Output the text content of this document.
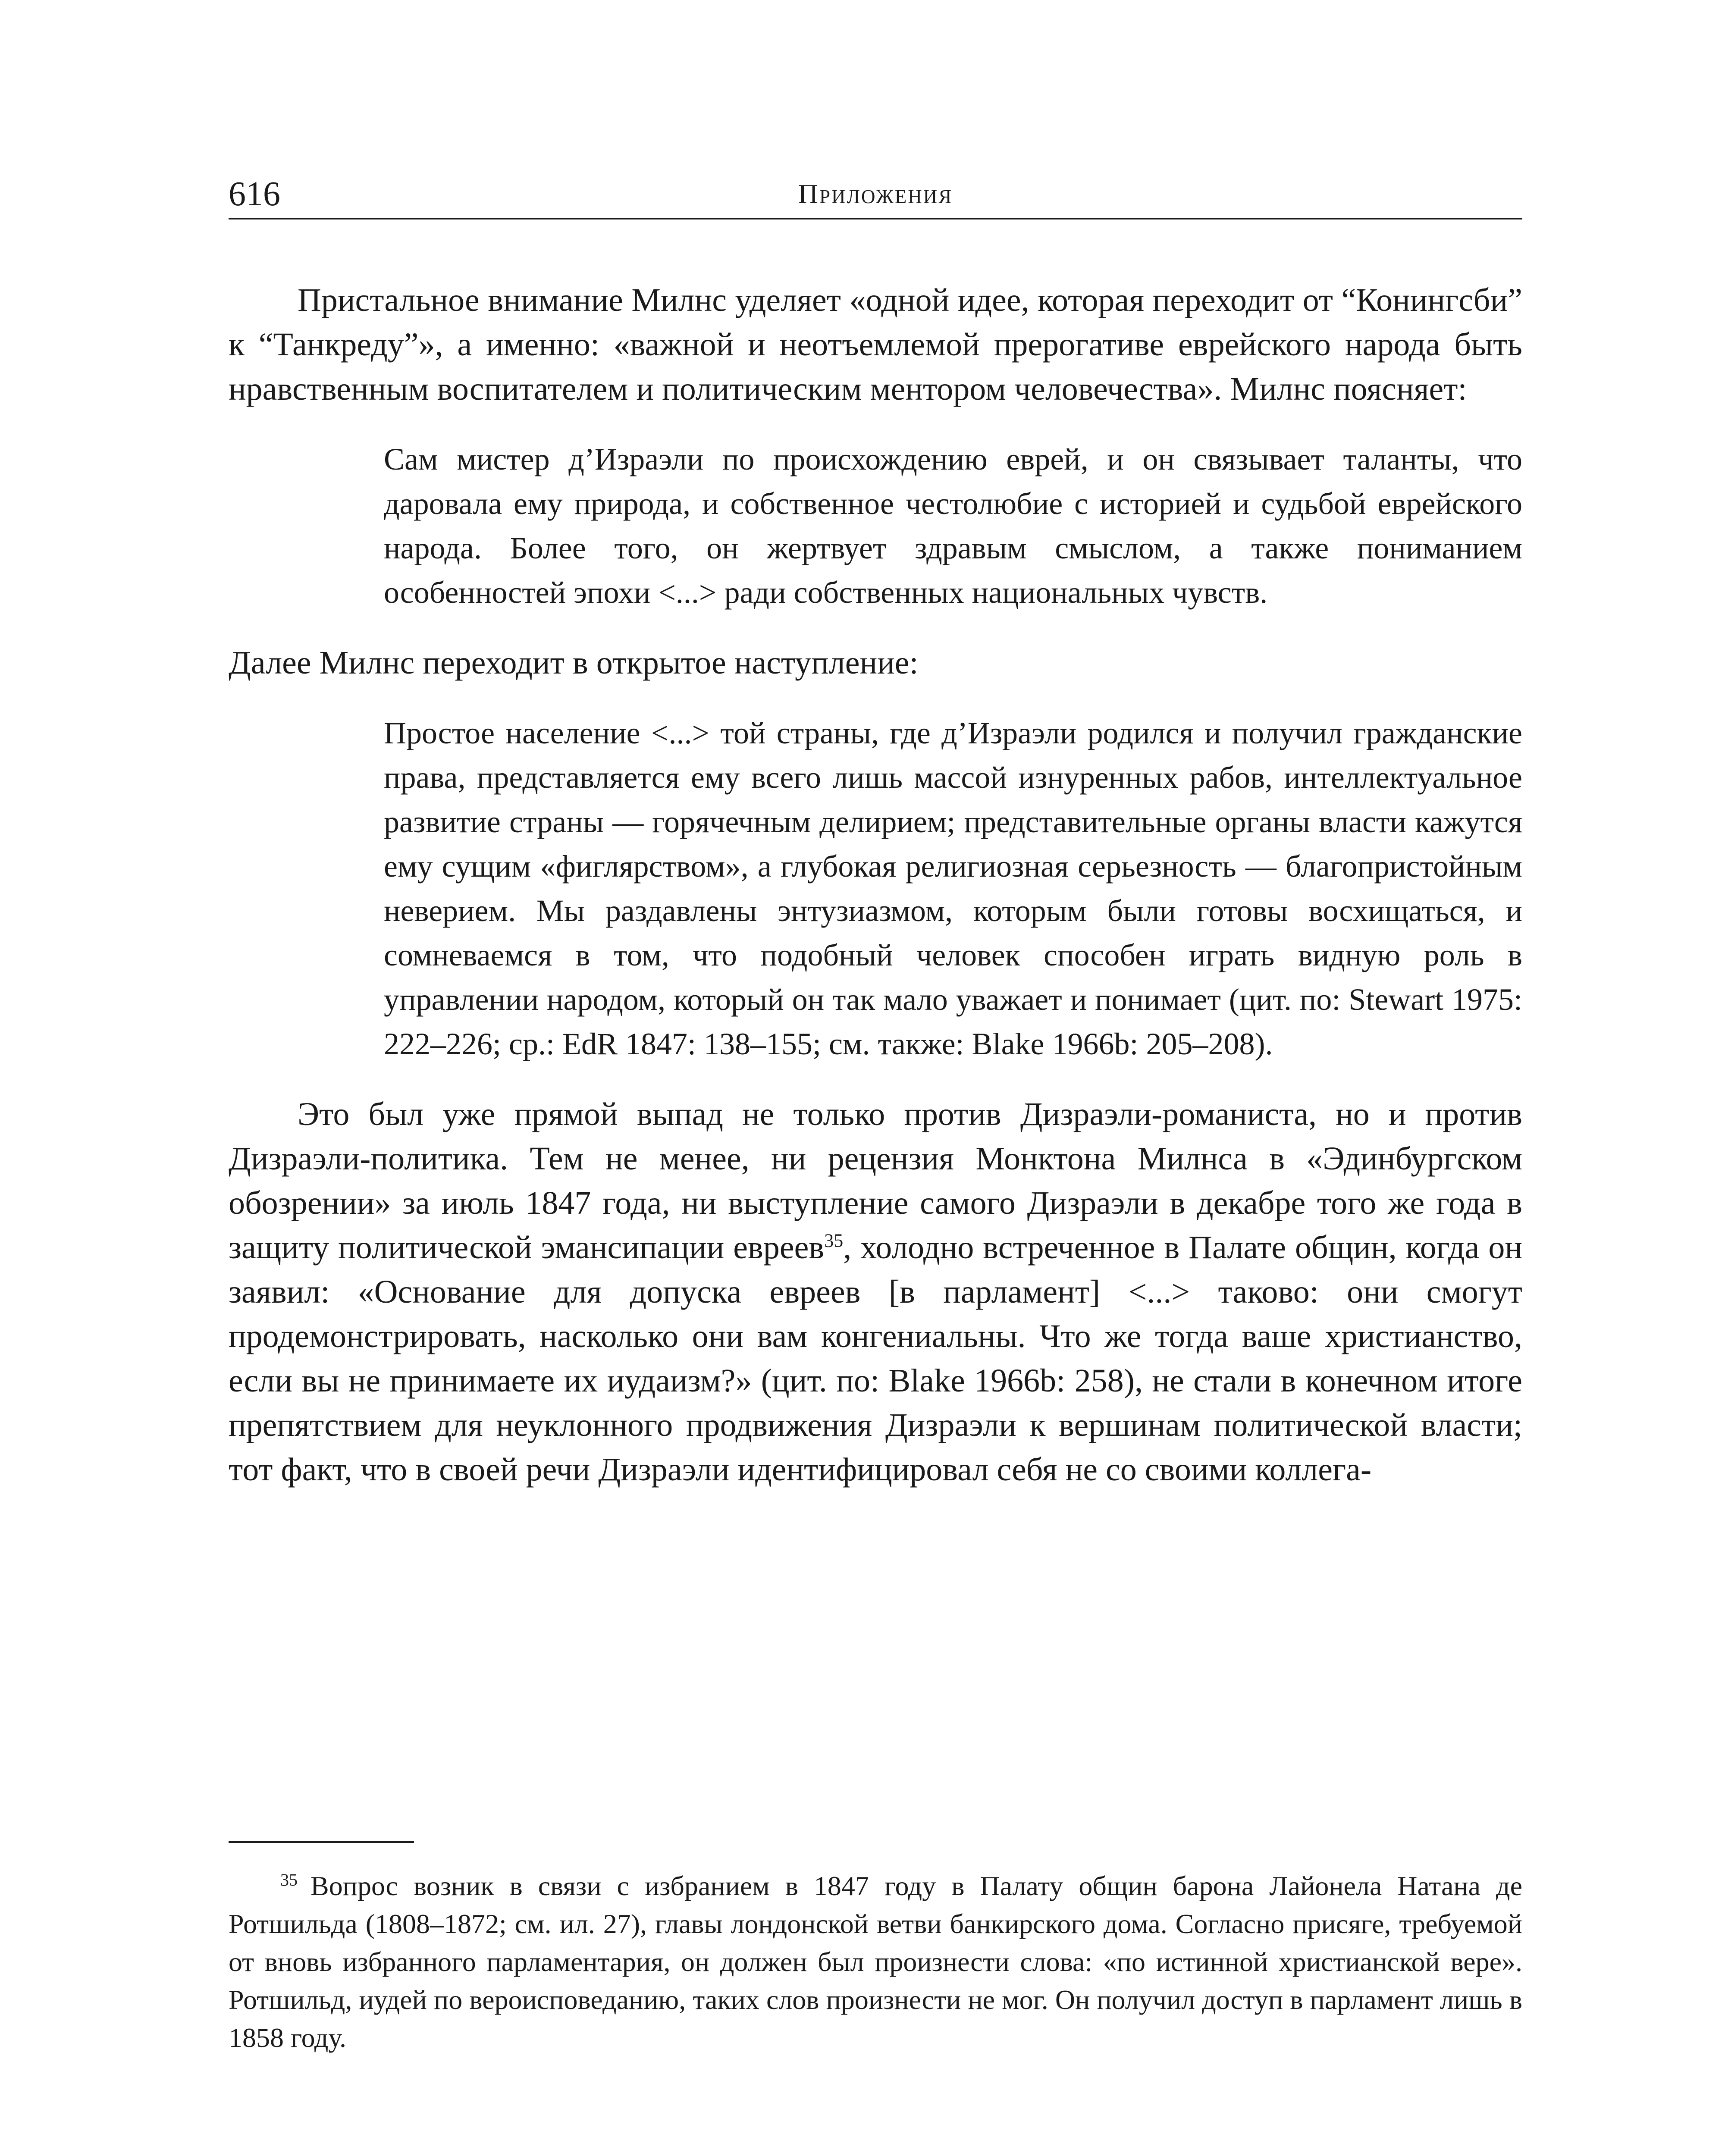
616	Приложения

Пристальное внимание Милнс уделяет «одной идее, которая переходит от “Конингсби” к “Танкреду”», а именно: «важной и неотъемлемой прерогативе еврейского народа быть нравственным воспитателем и политическим ментором человечества». Милнс поясняет:

Сам мистер д’Израэли по происхождению еврей, и он связывает таланты, что даровала ему природа, и собственное честолюбие с историей и судьбой еврейского народа. Более того, он жертвует здравым смыслом, а также пониманием особенностей эпохи <...> ради собственных национальных чувств.

Далее Милнс переходит в открытое наступление:

Простое население <...> той страны, где д’Израэли родился и получил гражданские права, представляется ему всего лишь массой изнуренных рабов, интеллектуальное развитие страны — горячечным делирием; представительные органы власти кажутся ему сущим «фиглярством», а глубокая религиозная серьезность — благопристойным неверием. Мы раздавлены энтузиазмом, которым были готовы восхищаться, и сомневаемся в том, что подобный человек способен играть видную роль в управлении народом, который он так мало уважает и понимает (цит. по: Stewart 1975: 222–226; ср.: EdR 1847: 138–155; см. также: Blake 1966b: 205–208).

Это был уже прямой выпад не только против Дизраэли-романиста, но и против Дизраэли-политика. Тем не менее, ни рецензия Монктона Милнса в «Эдинбургском обозрении» за июль 1847 года, ни выступление самого Дизраэли в декабре того же года в защиту политической эмансипации евреев$^{35}$, холодно встреченное в Палате общин, когда он заявил: «Основание для допуска евреев [в парламент] <...> таково: они смогут продемонстрировать, насколько они вам конгениальны. Что же тогда ваше христианство, если вы не принимаете их иудаизм?» (цит. по: Blake 1966b: 258), не стали в конечном итоге препятствием для неуклонного продвижения Дизраэли к вершинам политической власти; тот факт, что в своей речи Дизраэли идентифицировал себя не со своими коллега-

$^{35}$ Вопрос возник в связи с избранием в 1847 году в Палату общин барона Лайонела Натана де Ротшильда (1808–1872; см. ил. 27), главы лондонской ветви банкирского дома. Согласно присяге, требуемой от вновь избранного парламентария, он должен был произнести слова: «по истинной христианской вере». Ротшильд, иудей по вероисповеданию, таких слов произнести не мог. Он получил доступ в парламент лишь в 1858 году.
